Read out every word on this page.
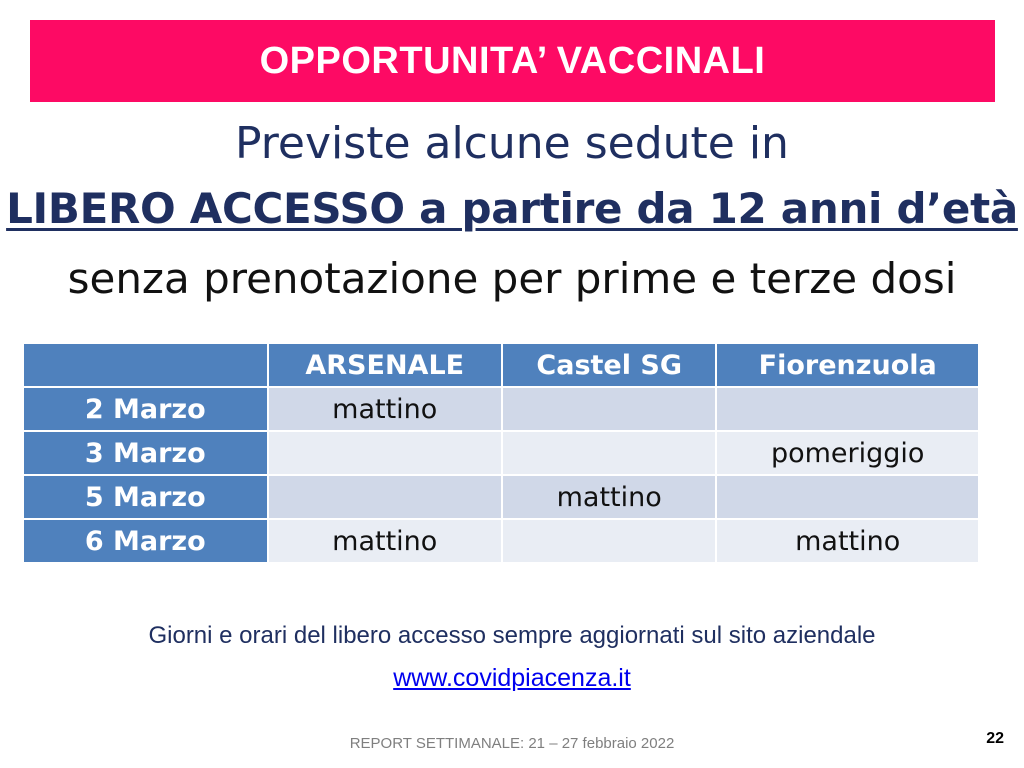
OPPORTUNITA’ VACCINALI
Previste alcune sedute in
LIBERO ACCESSO a partire da 12 anni d’età
senza prenotazione per prime e terze dosi
	ARSENALE	Castel SG	Fiorenzuola
2 Marzo	mattino		
3 Marzo			pomeriggio
5 Marzo		mattino	
6 Marzo	mattino		mattino
Giorni e orari del libero accesso sempre aggiornati sul sito aziendale
www.covidpiacenza.it
REPORT SETTIMANALE: 21 – 27 febbraio 2022	22
